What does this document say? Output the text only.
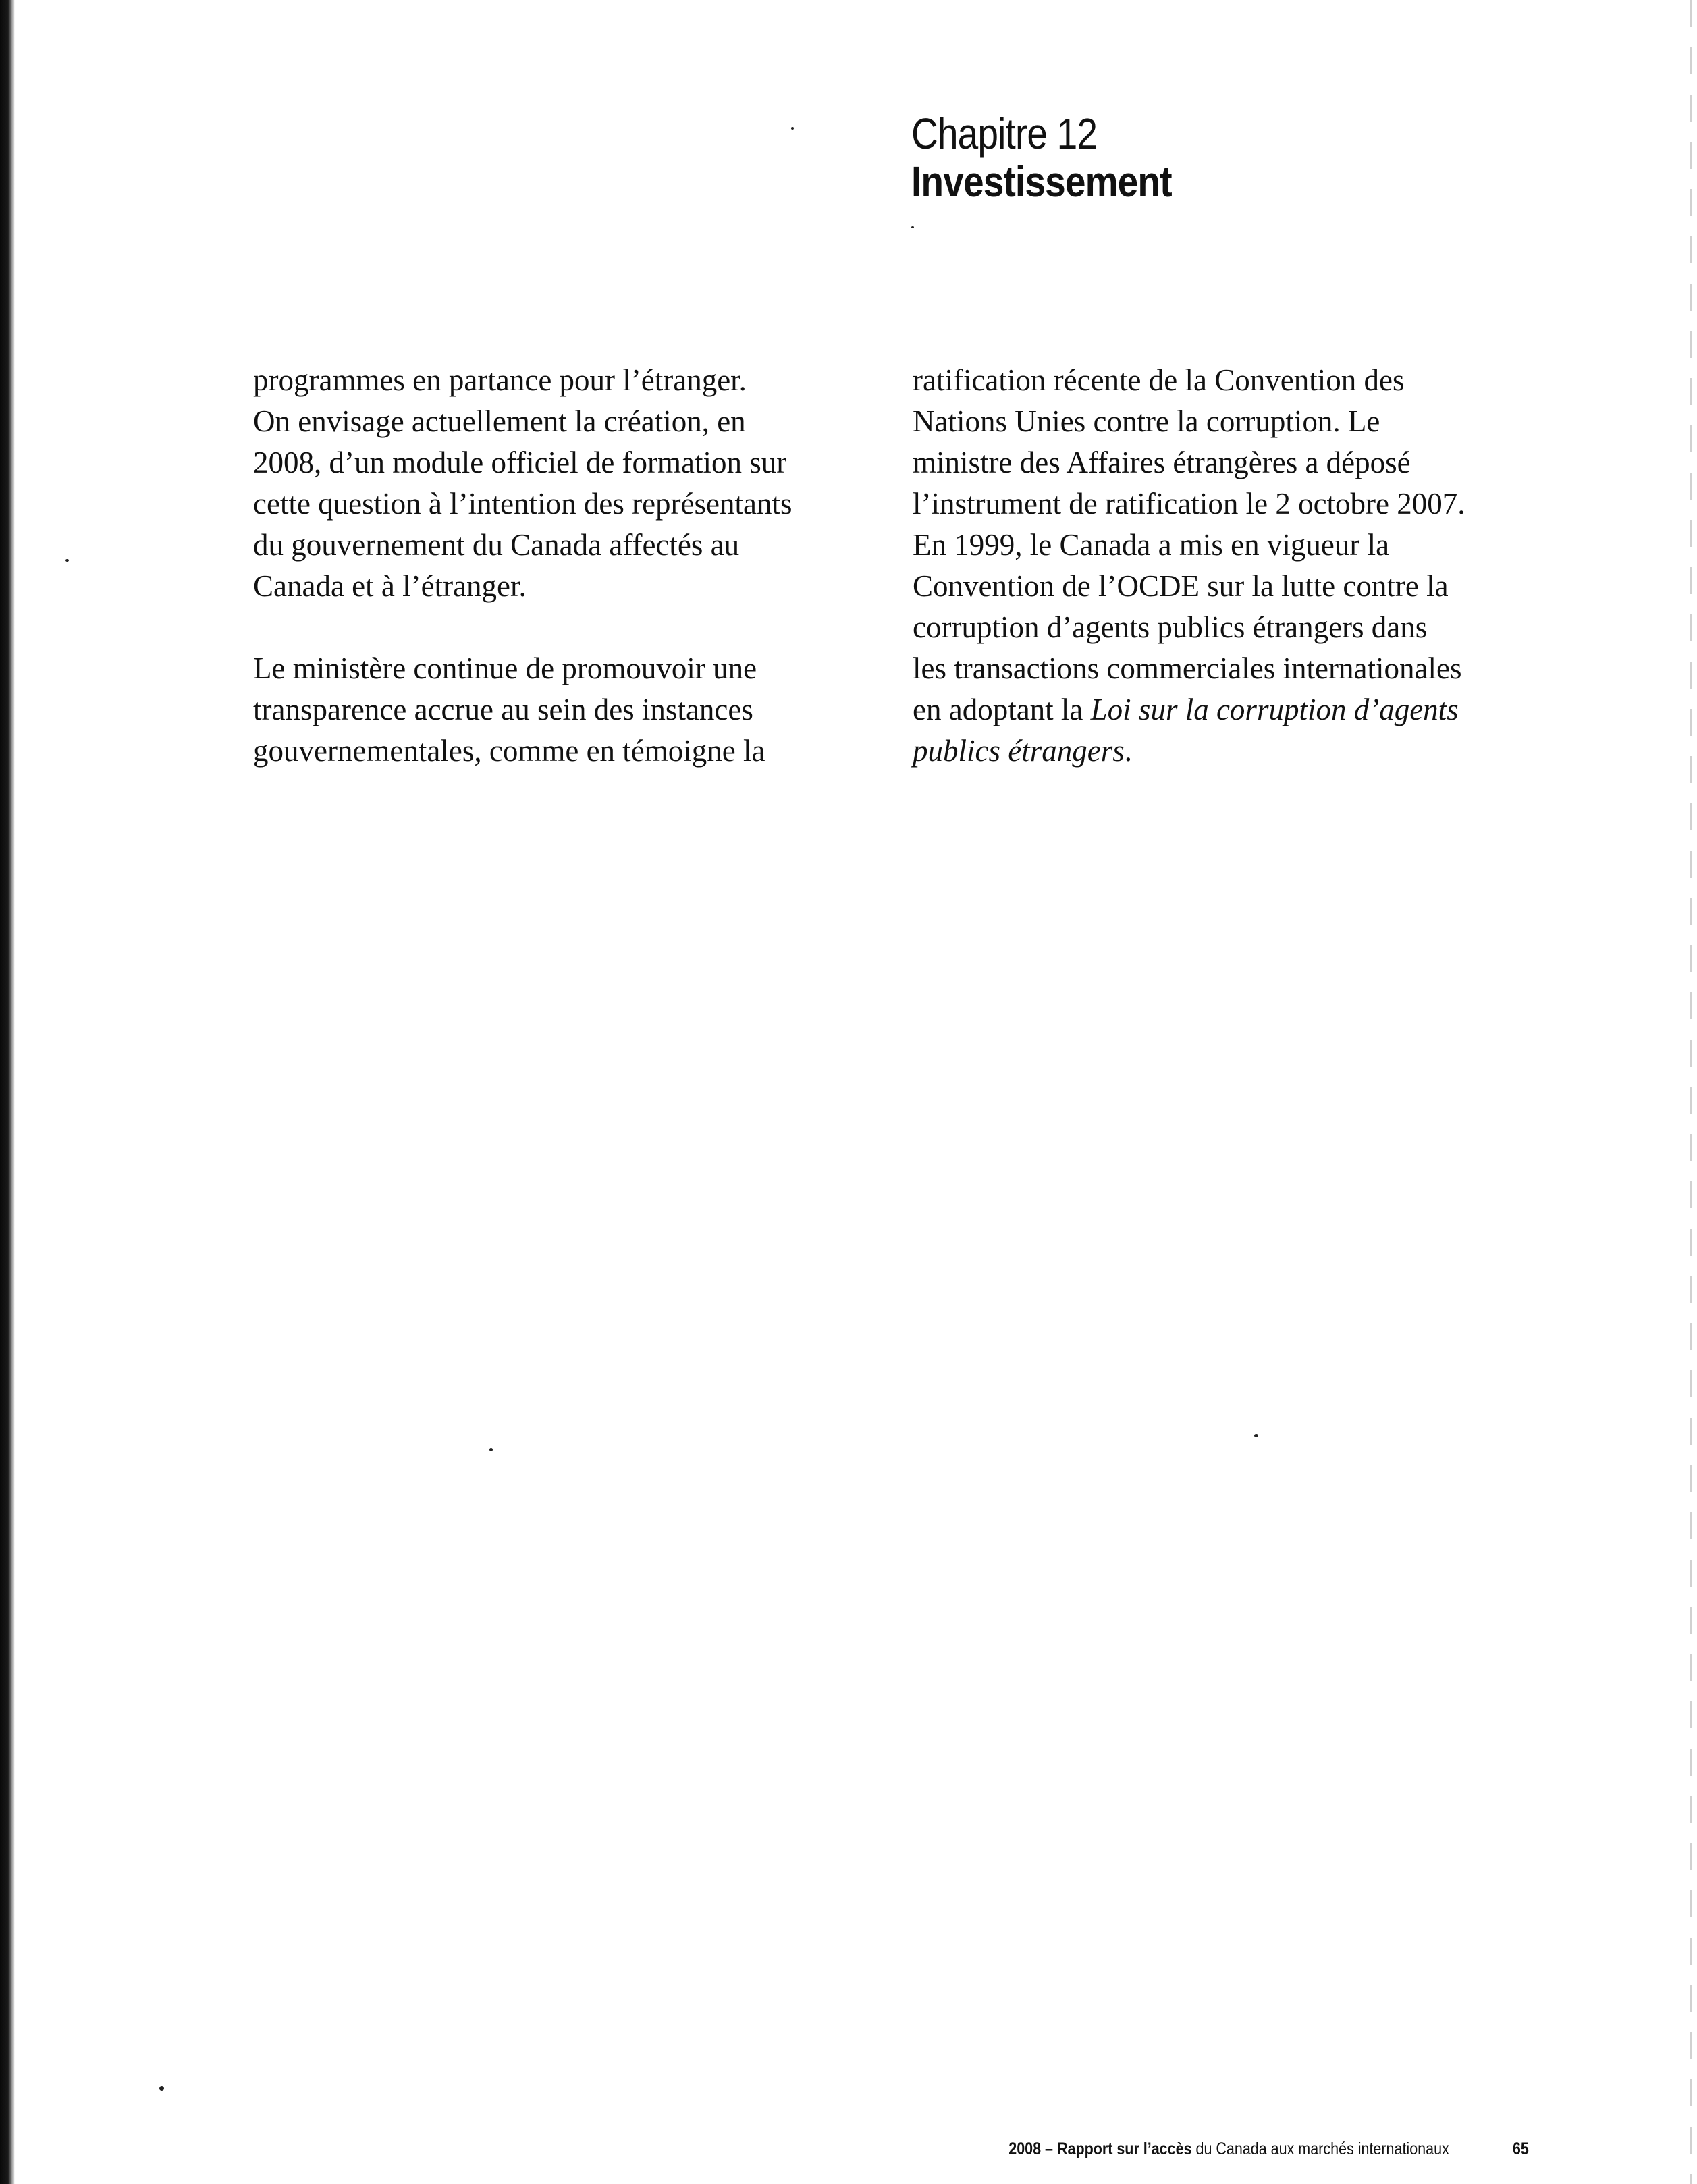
Chapitre 12
Investissement

programmes en partance pour l’étranger.
On envisage actuellement la création, en
2008, d’un module officiel de formation sur
cette question à l’intention des représentants
du gouvernement du Canada affectés au
Canada et à l’étranger.

Le ministère continue de promouvoir une
transparence accrue au sein des instances
gouvernementales, comme en témoigne la

ratification récente de la Convention des
Nations Unies contre la corruption. Le
ministre des Affaires étrangères a déposé
l’instrument de ratification le 2 octobre 2007.
En 1999, le Canada a mis en vigueur la
Convention de l’OCDE sur la lutte contre la
corruption d’agents publics étrangers dans
les transactions commerciales internationales
en adoptant la Loi sur la corruption d’agents
publics étrangers.

2008 – Rapport sur l’accès du Canada aux marchés internationaux	65
